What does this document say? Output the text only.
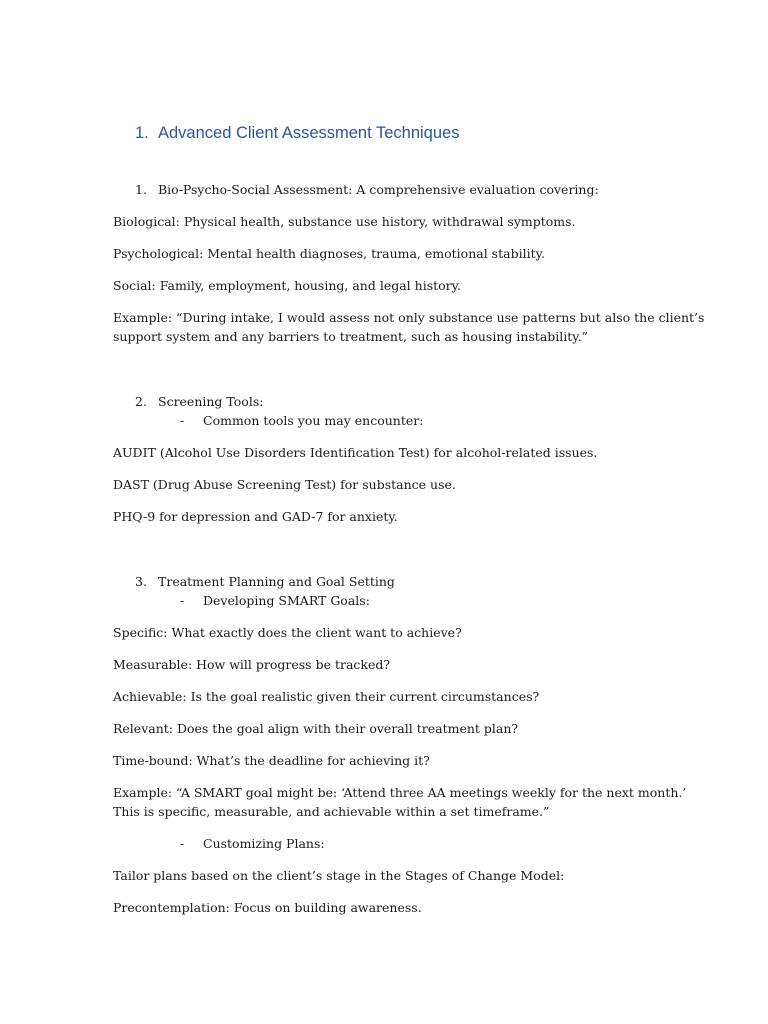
1. Advanced Client Assessment Techniques
1. Bio-Psycho-Social Assessment: A comprehensive evaluation covering:
Biological: Physical health, substance use history, withdrawal symptoms.
Psychological: Mental health diagnoses, trauma, emotional stability.
Social: Family, employment, housing, and legal history.
Example: “During intake, I would assess not only substance use patterns but also the client’s
support system and any barriers to treatment, such as housing instability.”
2. Screening Tools:
- Common tools you may encounter:
AUDIT (Alcohol Use Disorders Identification Test) for alcohol-related issues.
DAST (Drug Abuse Screening Test) for substance use.
PHQ-9 for depression and GAD-7 for anxiety.
3. Treatment Planning and Goal Setting
- Developing SMART Goals:
Specific: What exactly does the client want to achieve?
Measurable: How will progress be tracked?
Achievable: Is the goal realistic given their current circumstances?
Relevant: Does the goal align with their overall treatment plan?
Time-bound: What’s the deadline for achieving it?
Example: “A SMART goal might be: ‘Attend three AA meetings weekly for the next month.’
This is specific, measurable, and achievable within a set timeframe.”
- Customizing Plans:
Tailor plans based on the client’s stage in the Stages of Change Model:
Precontemplation: Focus on building awareness.
